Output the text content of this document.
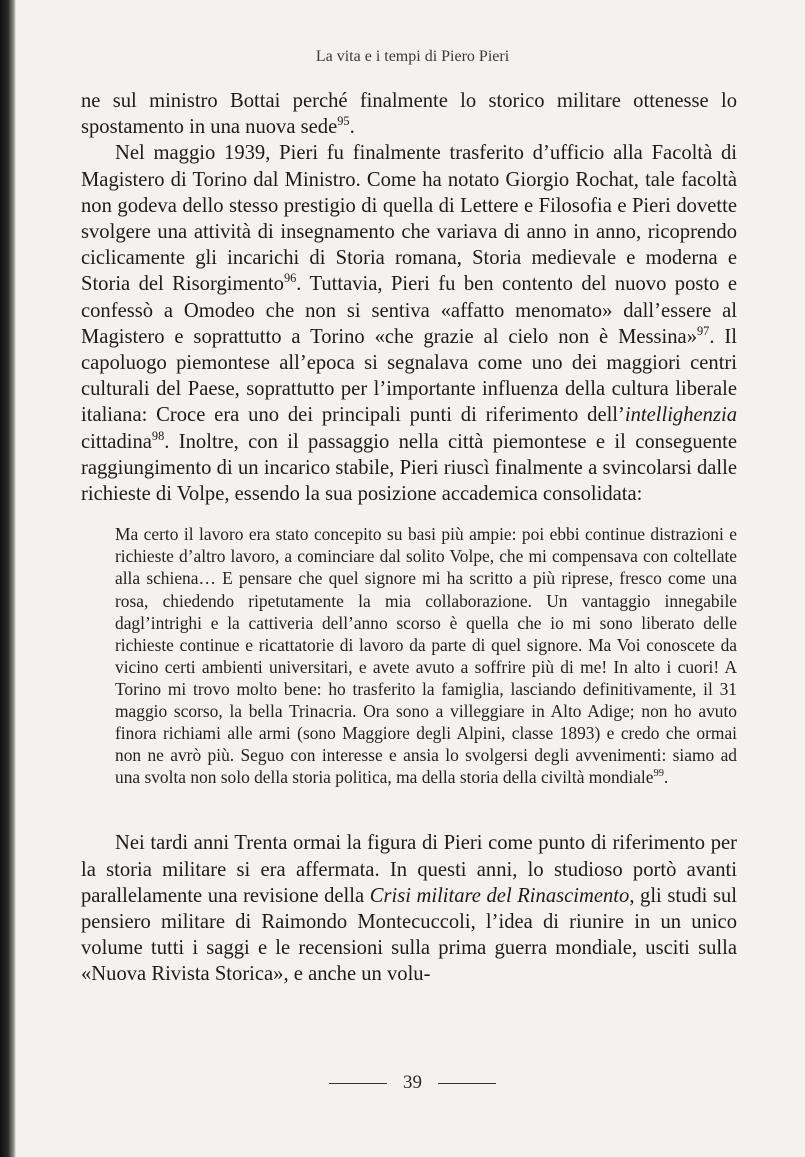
La vita e i tempi di Piero Pieri

ne sul ministro Bottai perché finalmente lo storico militare ottenesse lo spostamento in una nuova sede$^{95}$.

Nel maggio 1939, Pieri fu finalmente trasferito d’ufficio alla Facoltà di Magistero di Torino dal Ministro. Come ha notato Giorgio Rochat, tale facoltà non godeva dello stesso prestigio di quella di Lettere e Filosofia e Pieri dovette svolgere una attività di insegnamento che variava di anno in anno, ricoprendo ciclicamente gli incarichi di Storia romana, Storia medievale e moderna e Storia del Risorgimento$^{96}$. Tuttavia, Pieri fu ben contento del nuovo posto e confessò a Omodeo che non si sentiva «affatto menomato» dall’essere al Magistero e soprattutto a Torino «che grazie al cielo non è Messina»$^{97}$. Il capoluogo piemontese all’epoca si segnalava come uno dei maggiori centri culturali del Paese, soprattutto per l’importante influenza della cultura liberale italiana: Croce era uno dei principali punti di riferimento dell’intellighenzia cittadina$^{98}$. Inoltre, con il passaggio nella città piemontese e il conseguente raggiungimento di un incarico stabile, Pieri riuscì finalmente a svincolarsi dalle richieste di Volpe, essendo la sua posizione accademica consolidata:

Ma certo il lavoro era stato concepito su basi più ampie: poi ebbi continue distrazioni e richieste d’altro lavoro, a cominciare dal solito Volpe, che mi compensava con coltellate alla schiena… E pensare che quel signore mi ha scritto a più riprese, fresco come una rosa, chiedendo ripetutamente la mia collaborazione. Un vantaggio innegabile dagl’intrighi e la cattiveria dell’anno scorso è quella che io mi sono liberato delle richieste continue e ricattatorie di lavoro da parte di quel signore. Ma Voi conoscete da vicino certi ambienti universitari, e avete avuto a soffrire più di me! In alto i cuori! A Torino mi trovo molto bene: ho trasferito la famiglia, lasciando definitivamente, il 31 maggio scorso, la bella Trinacria. Ora sono a villeggiare in Alto Adige; non ho avuto finora richiami alle armi (sono Maggiore degli Alpini, classe 1893) e credo che ormai non ne avrò più. Seguo con interesse e ansia lo svolgersi degli avvenimenti: siamo ad una svolta non solo della storia politica, ma della storia della civiltà mondiale$^{99}$.

Nei tardi anni Trenta ormai la figura di Pieri come punto di riferimento per la storia militare si era affermata. In questi anni, lo studioso portò avanti parallelamente una revisione della Crisi militare del Rinascimento, gli studi sul pensiero militare di Raimondo Montecuccoli, l’idea di riunire in un unico volume tutti i saggi e le recensioni sulla prima guerra mondiale, usciti sulla «Nuova Rivista Storica», e anche un volu-

39
